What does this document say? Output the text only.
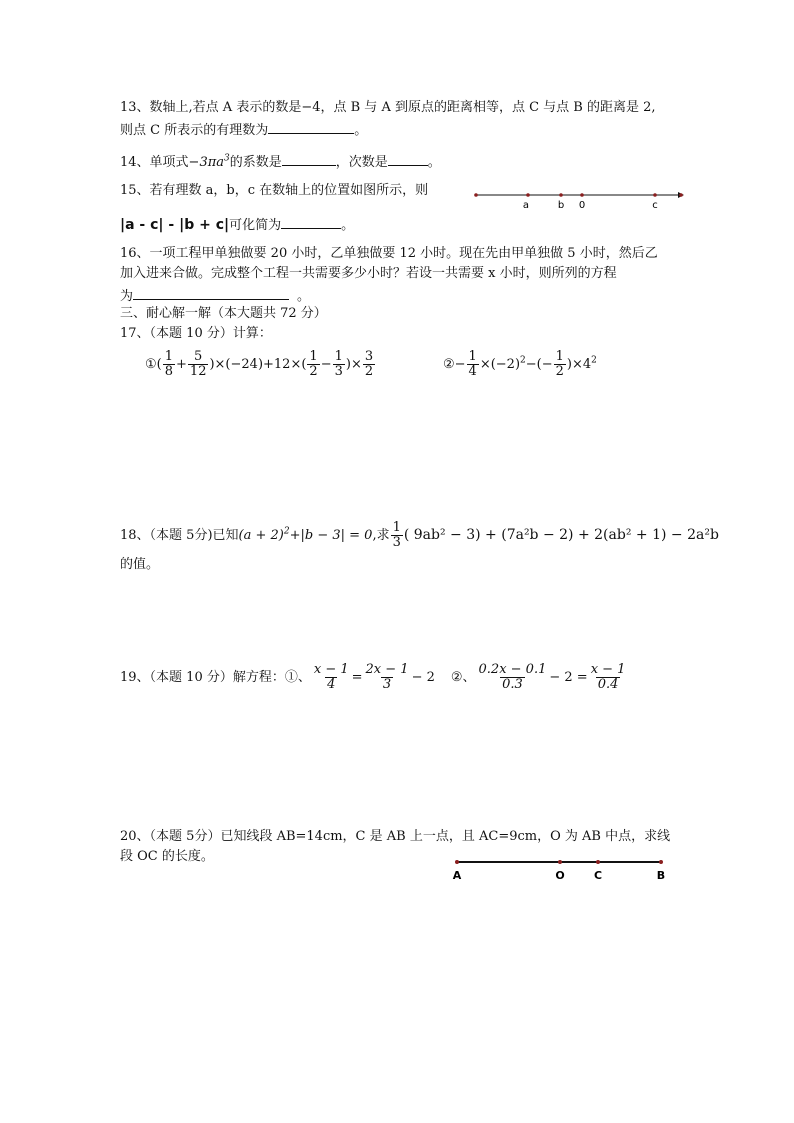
13、数轴上,若点 A 表示的数是−4，点 B 与 A 到原点的距离相等，点 C 与点 B 的距离是 2,
则点 C 所表示的有理数为	。
14、单项式$-3\pi a^3$的系数是	，次数是	。
15、若有理数 a，b，c 在数轴上的位置如图所示，则
|a - c| - |b + c|可化简为	。
a	b 0	c
16、一项工程甲单独做要 20 小时，乙单独做要 12 小时。现在先由甲单独做 5 小时，然后乙
加入进来合做。完成整个工程一共需要多少小时？若设一共需要 x 小时，则所列的方程
为	。
三、耐心解一解（本大题共 72 分）
17、（本题 10 分）计算：
①( $\frac{1}{8} + \frac{5}{12} )\times(-24)+12\times( \frac{1}{2} - \frac{1}{3}$ )× $\frac{3}{2}$	②− $\frac{1}{4} \times(-2)^2-(- \frac{1}{2} )\times 4^2$
18、（本题 5分)已知$(a + 2)^2+|b - 3| = 0$,求 $\frac{1}{3}$ ( 9ab² − 3) + (7a²b − 2) + 2(ab² + 1) − 2a²b
的值。
19、（本题 10 分）解方程：①、 $\frac{x - 1}{4} = \frac{2x - 1}{3} - 2$ ②、 $\frac{0.2x - 0.1}{0.3} - 2 = \frac{x - 1}{0.4}$
20、（本题 5分）已知线段 AB=14cm，C 是 AB 上一点，且 AC=9cm，O 为 AB 中点，求线
段 OC 的长度。
A	O	C	B
